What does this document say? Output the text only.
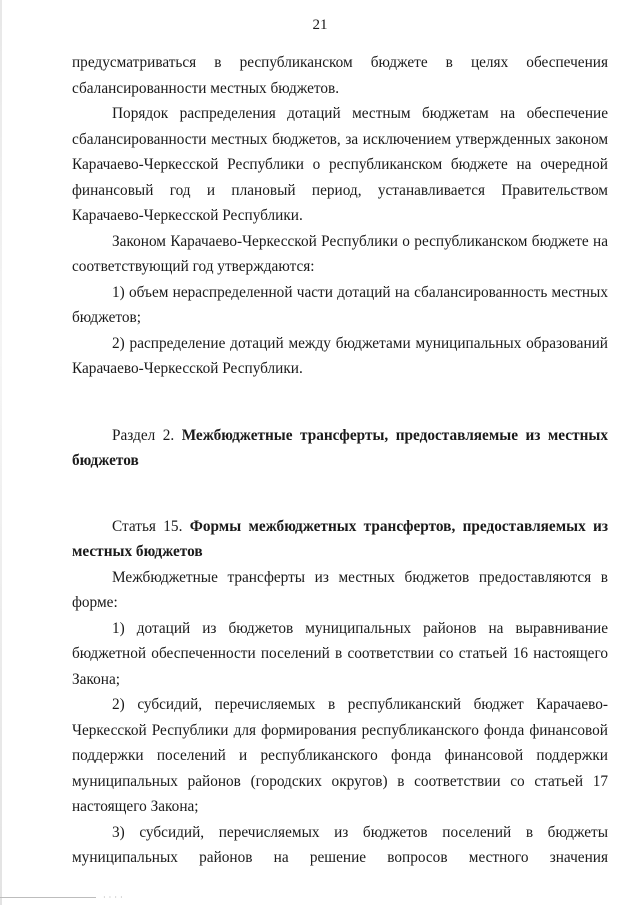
21

предусматриваться в республиканском бюджете в целях обеспечения сбалансированности местных бюджетов.

Порядок распределения дотаций местным бюджетам на обеспечение сбалансированности местных бюджетов, за исключением утвержденных законом Карачаево-Черкесской Республики о республиканском бюджете на очередной финансовый год и плановый период, устанавливается Правительством Карачаево-Черкесской Республики.

Законом Карачаево-Черкесской Республики о республиканском бюджете на соответствующий год утверждаются:

1) объем нераспределенной части дотаций на сбалансированность местных бюджетов;

2) распределение дотаций между бюджетами муниципальных образований Карачаево-Черкесской Республики.

Раздел 2. Межбюджетные трансферты, предоставляемые из местных бюджетов

Статья 15. Формы межбюджетных трансфертов, предоставляемых из местных бюджетов

Межбюджетные трансферты из местных бюджетов предоставляются в форме:

1) дотаций из бюджетов муниципальных районов на выравнивание бюджетной обеспеченности поселений в соответствии со статьей 16 настоящего Закона;

2) субсидий, перечисляемых в республиканский бюджет Карачаево-Черкесской Республики для формирования республиканского фонда финансовой поддержки поселений и республиканского фонда финансовой поддержки муниципальных районов (городских округов) в соответствии со статьей 17 настоящего Закона;

3) субсидий, перечисляемых из бюджетов поселений в бюджеты муниципальных районов на решение вопросов местного значения

····
